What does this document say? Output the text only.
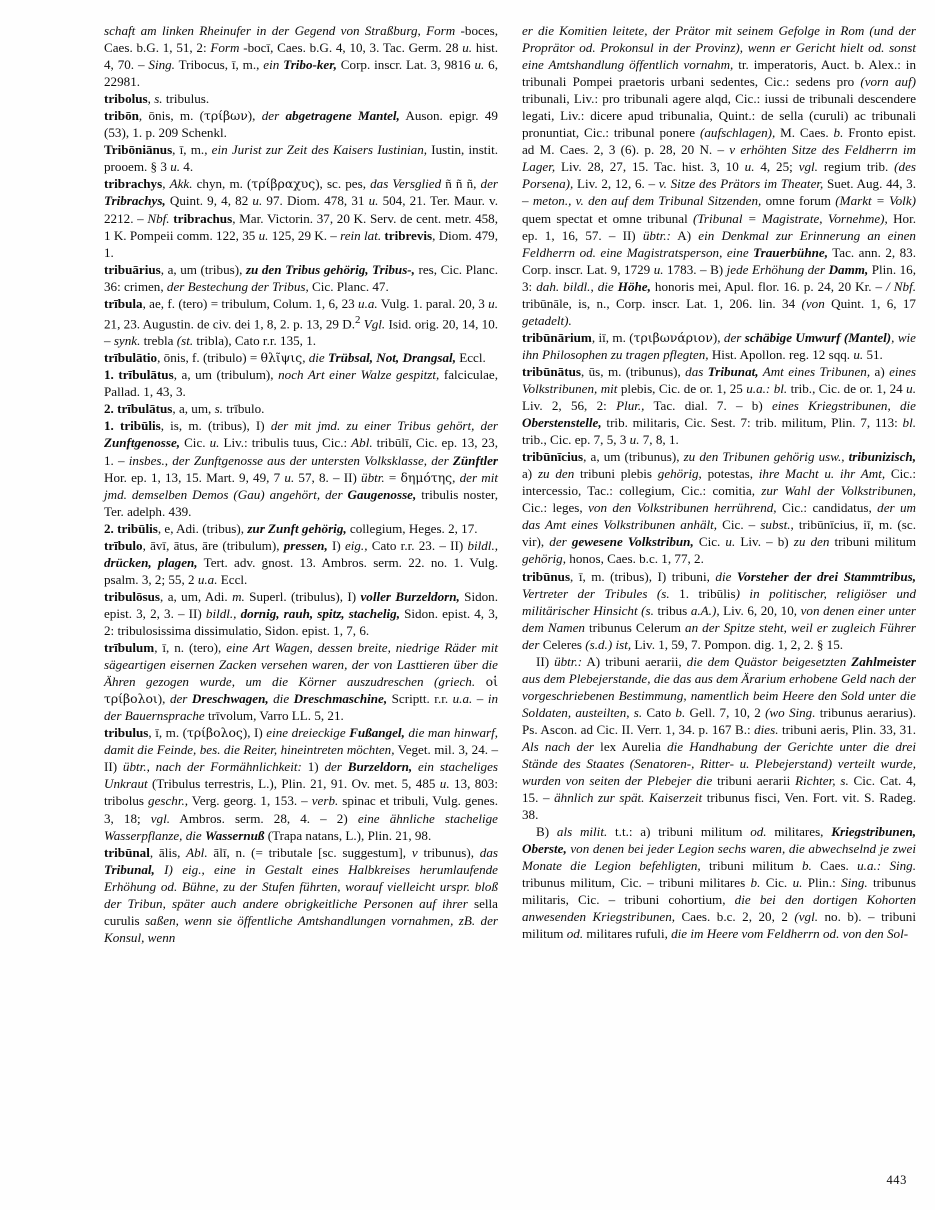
schaft am linken Rheinufer in der Gegend von Straßburg, Form -boces, Caes. b.G. 1, 51, 2: Form -bocī, Caes. b.G. 4, 10, 3. Tac. Germ. 28 u. hist. 4, 70. – Sing. Tribocus, ī, m., ein Tribo-ker, Corp. inscr. Lat. 3, 9816 u. 6, 22981.

tribolus, s. tribulus.

tribōn, ōnis, m. (τρίβων), der abgetragene Mantel, Auson. epigr. 49 (53), 1. p. 209 Schenkl.

Tribōniānus, ī, m., ein Jurist zur Zeit des Kaisers Iustinian, Iustin, instit. prooem. § 3 u. 4.

tribrachys, Akk. chyn, m. (τρίβραχυς), sc. pes, das Versglied ñ ñ ñ, der Tribrachys, Quint. 9, 4, 82 u. 97. Diom. 478, 31 u. 504, 21. Ter. Maur. v. 2212. – Nbf. tribrachus, Mar. Victorin. 37, 20 K. Serv. de cent. metr. 458, 1 K. Pompeii comm. 122, 35 u. 125, 29 K. – rein lat. tribrevis, Diom. 479, 1.

tribuārius, a, um (tribus), zu den Tribus gehörig, Tribus-, res, Cic. Planc. 36: crimen, der Bestechung der Tribus, Cic. Planc. 47.

trībula, ae, f. (tero) = tribulum, Colum. 1, 6, 23 u.a. Vulg. 1. paral. 20, 3 u. 21, 23. Augustin. de civ. dei 1, 8, 2. p. 13, 29 D.$^2$ Vgl. Isid. orig. 20, 14, 10. – synk. trebla (st. tribla), Cato r.r. 135, 1.

trībulātio, ōnis, f. (tribulo) = θλῖψις, die Trübsal, Not, Drangsal, Eccl.

1. trībulātus, a, um (tribulum), noch Art einer Walze gespitzt, falciculae, Pallad. 1, 43, 3.

2. trībulātus, a, um, s. trībulo.

1. tribūlis, is, m. (tribus), I) der mit jmd. zu einer Tribus gehört, der Zunftgenosse, Cic. u. Liv.: tribulis tuus, Cic.: Abl. tribūlī, Cic. ep. 13, 23, 1. – insbes., der Zunftgenosse aus der untersten Volksklasse, der Zünftler Hor. ep. 1, 13, 15. Mart. 9, 49, 7 u. 57, 8. – II) übtr. = δημότης, der mit jmd. demselben Demos (Gau) angehört, der Gaugenosse, tribulis noster, Ter. adelph. 439.

2. tribūlis, e, Adi. (tribus), zur Zunft gehörig, collegium, Heges. 2, 17.

trībulo, āvī, ātus, āre (tribulum), pressen, I) eig., Cato r.r. 23. – II) bildl., drücken, plagen, Tert. adv. gnost. 13. Ambros. serm. 22. no. 1. Vulg. psalm. 3, 2; 55, 2 u.a. Eccl.

tribulōsus, a, um, Adi. m. Superl. (tribulus), I) voller Burzeldorn, Sidon. epist. 3, 2, 3. – II) bildl., dornig, rauh, spitz, stachelig, Sidon. epist. 4, 3, 2: tribulosissima dissimulatio, Sidon. epist. 1, 7, 6.

trībulum, ī, n. (tero), eine Art Wagen, dessen breite, niedrige Räder mit sägeartigen eisernen Zacken versehen waren, der von Lasttieren über die Ähren gezogen wurde, um die Körner auszudreschen (griech. οἱ τρίβολοι), der Dreschwagen, die Dreschmaschine, Scriptt. r.r. u.a. – in der Bauernsprache trīvolum, Varro LL. 5, 21.

tribulus, ī, m. (τρίβολος), I) eine dreieckige Fußangel, die man hinwarf, damit die Feinde, bes. die Reiter, hineintreten möchten, Veget. mil. 3, 24. – II) übtr., nach der Formähnlichkeit: 1) der Burzeldorn, ein stacheliges Unkraut (Tribulus terrestris, L.), Plin. 21, 91. Ov. met. 5, 485 u. 13, 803: tribolus geschr., Verg. georg. 1, 153. – verb. spinac et tribuli, Vulg. genes. 3, 18; vgl. Ambros. serm. 28, 4. – 2) eine ähnliche stachelige Wasserpflanze, die Wassernuß (Trapa natans, L.), Plin. 21, 98.

tribūnal, ālis, Abl. ālī, n. (= tributale [sc. suggestum], v tribunus), das Tribunal, I) eig., eine in Gestalt eines Halbkreises herumlaufende Erhöhung od. Bühne, zu der Stufen führten, worauf vielleicht urspr. bloß der Tribun, später auch andere obrigkeitliche Personen auf ihrer sella curulis saßen, wenn sie öffentliche Amtshandlungen vornahmen, zB. der Konsul, wenn

er die Komitien leitete, der Prätor mit seinem Gefolge in Rom (und der Proprätor od. Prokonsul in der Provinz), wenn er Gericht hielt od. sonst eine Amtshandlung öffentlich vornahm, tr. imperatoris, Auct. b. Alex.: in tribunali Pompei praetoris urbani sedentes, Cic.: sedens pro (vorn auf) tribunali, Liv.: pro tribunali agere alqd, Cic.: iussi de tribunali descendere legati, Liv.: dicere apud tribunalia, Quint.: de sella (curuli) ac tribunali pronuntiat, Cic.: tribunal ponere (aufschlagen), M. Caes. b. Fronto epist. ad M. Caes. 2, 3 (6). p. 28, 20 N. – v erhöhten Sitze des Feldherrn im Lager, Liv. 28, 27, 15. Tac. hist. 3, 10 u. 4, 25; vgl. regium trib. (des Porsena), Liv. 2, 12, 6. – v. Sitze des Prätors im Theater, Suet. Aug. 44, 3. – meton., v. den auf dem Tribunal Sitzenden, omne forum (Markt = Volk) quem spectat et omne tribunal (Tribunal = Magistrate, Vornehme), Hor. ep. 1, 16, 57. – II) übtr.: A) ein Denkmal zur Erinnerung an einen Feldherrn od. eine Magistratsperson, eine Trauerbühne, Tac. ann. 2, 83. Corp. inscr. Lat. 9, 1729 u. 1783. – B) jede Erhöhung der Damm, Plin. 16, 3: dah. bildl., die Höhe, honoris mei, Apul. flor. 16. p. 24, 20 Kr. – / Nbf. tribūnāle, is, n., Corp. inscr. Lat. 1, 206. lin. 34 (von Quint. 1, 6, 17 getadelt).

tribūnārium, iī, m. (τριβωνάριον), der schäbige Umwurf (Mantel), wie ihn Philosophen zu tragen pflegten, Hist. Apollon. reg. 12 sqq. u. 51.

tribūnātus, ūs, m. (tribunus), das Tribunat, Amt eines Tribunen, a) eines Volkstribunen, mit plebis, Cic. de or. 1, 25 u.a.: bl. trib., Cic. de or. 1, 24 u. Liv. 2, 56, 2: Plur., Tac. dial. 7. – b) eines Kriegstribunen, die Oberstenstelle, trib. militaris, Cic. Sest. 7: trib. militum, Plin. 7, 113: bl. trib., Cic. ep. 7, 5, 3 u. 7, 8, 1.

tribūnīcius, a, um (tribunus), zu den Tribunen gehörig usw., tribunizisch, a) zu den tribuni plebis gehörig, potestas, ihre Macht u. ihr Amt, Cic.: intercessio, Tac.: collegium, Cic.: comitia, zur Wahl der Volkstribunen, Cic.: leges, von den Volkstribunen herrührend, Cic.: candidatus, der um das Amt eines Volkstribunen anhält, Cic. – subst., tribūnīcius, iī, m. (sc. vir), der gewesene Volkstribun, Cic. u. Liv. – b) zu den tribuni militum gehörig, honos, Caes. b.c. 1, 77, 2.

tribūnus, ī, m. (tribus), I) tribuni, die Vorsteher der drei Stammtribus, Vertreter der Tribules (s. 1. tribūlis) in politischer, religiöser und militärischer Hinsicht (s. tribus a.A.), Liv. 6, 20, 10, von denen einer unter dem Namen tribunus Celerum an der Spitze steht, weil er zugleich Führer der Celeres (s.d.) ist, Liv. 1, 59, 7. Pompon. dig. 1, 2, 2. § 15.

II) übtr.: A) tribuni aerarii, die dem Quästor beigesetzten Zahlmeister aus dem Plebejerstande, die das aus dem Ärarium erhobene Geld nach der vorgeschriebenen Bestimmung, namentlich beim Heere den Sold unter die Soldaten, austeilten, s. Cato b. Gell. 7, 10, 2 (wo Sing. tribunus aerarius). Ps. Ascon. ad Cic. II. Verr. 1, 34. p. 167 B.: dies. tribuni aeris, Plin. 33, 31. Als nach der lex Aurelia die Handhabung der Gerichte unter die drei Stände des Staates (Senatoren-, Ritter- u. Plebejerstand) verteilt wurde, wurden von seiten der Plebejer die tribuni aerarii Richter, s. Cic. Cat. 4, 15. – ähnlich zur spät. Kaiserzeit tribunus fisci, Ven. Fort. vit. S. Radeg. 38.

B) als milit. t.t.: a) tribuni militum od. militares, Kriegstribunen, Oberste, von denen bei jeder Legion sechs waren, die abwechselnd je zwei Monate die Legion befehligten, tribuni militum b. Caes. u.a.: Sing. tribunus militum, Cic. – tribuni militares b. Cic. u. Plin.: Sing. tribunus militaris, Cic. – tribuni cohortium, die bei den dortigen Kohorten anwesenden Kriegstribunen, Caes. b.c. 2, 20, 2 (vgl. no. b). – tribuni militum od. militares rufuli, die im Heere vom Feldherrn od. von den Sol-

443
